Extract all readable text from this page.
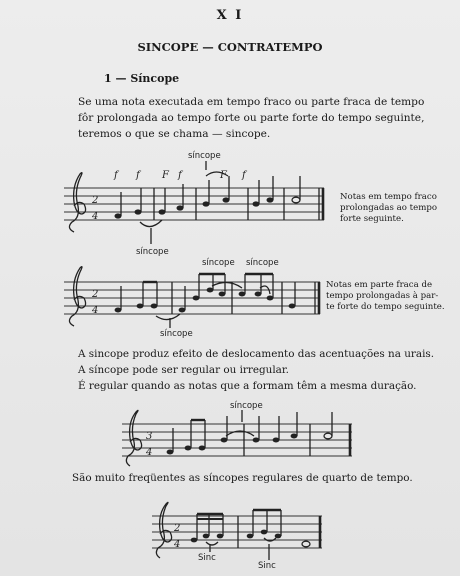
X I
SINCOPE — CONTRATEMPO
1 — Síncope
Se uma nota executada em tempo fraco ou parte fraca de tempo
fôr prolongada ao tempo forte ou parte forte do tempo seguinte,
teremos o que se chama — sincope.
2
4
f f F f	F f
síncope
síncope
Notas em tempo fraco
prolongadas ao tempo
forte seguinte.
2
4
síncope síncope
síncope
Notas em parte fraca de
tempo prolongadas à par-
te forte do tempo seguinte.

A sincope produz efeito de deslocamento das acentuações na urais.

A síncope pode ser regular ou irregular.

É regular quando as notas que a formam têm a mesma duração.

3
4
síncope
São muito freqüentes as síncopes regulares de quarto de tempo.
2
4
Sinc
Sinc
